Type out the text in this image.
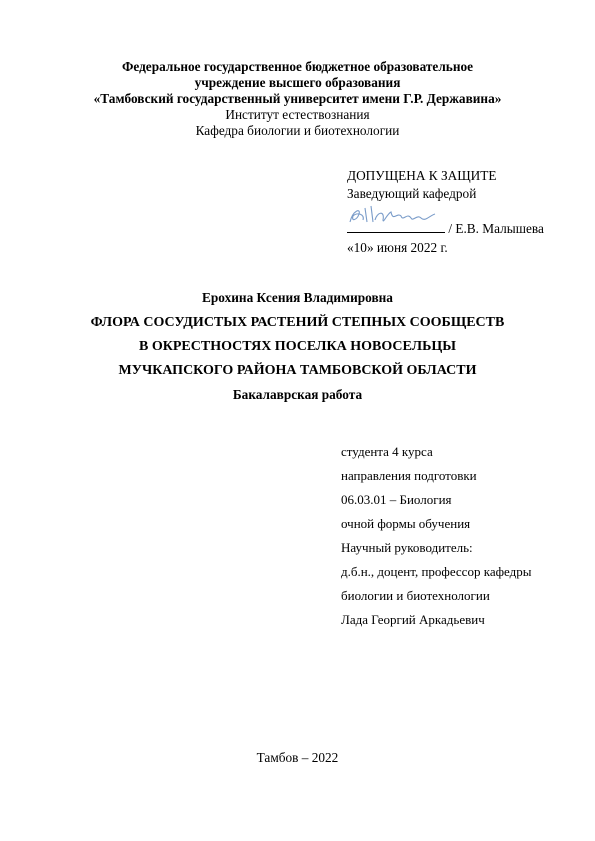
Федеральное государственное бюджетное образовательное
учреждение высшего образования
«Тамбовский государственный университет имени Г.Р. Державина»
Институт естествознания
Кафедра биологии и биотехнологии
ДОПУЩЕНА К ЗАЩИТЕ
Заведующий кафедрой
/ Е.В. Малышева
«10» июня 2022 г.
Ерохина Ксения Владимировна
ФЛОРА СОСУДИСТЫХ РАСТЕНИЙ СТЕПНЫХ СООБЩЕСТВ
В ОКРЕСТНОСТЯХ ПОСЕЛКА НОВОСЕЛЬЦЫ
МУЧКАПСКОГО РАЙОНА ТАМБОВСКОЙ ОБЛАСТИ
Бакалаврская работа
студента 4 курса
направления подготовки
06.03.01 – Биология
очной формы обучения
Научный руководитель:
д.б.н., доцент, профессор кафедры
биологии и биотехнологии
Лада Георгий Аркадьевич
Тамбов – 2022
